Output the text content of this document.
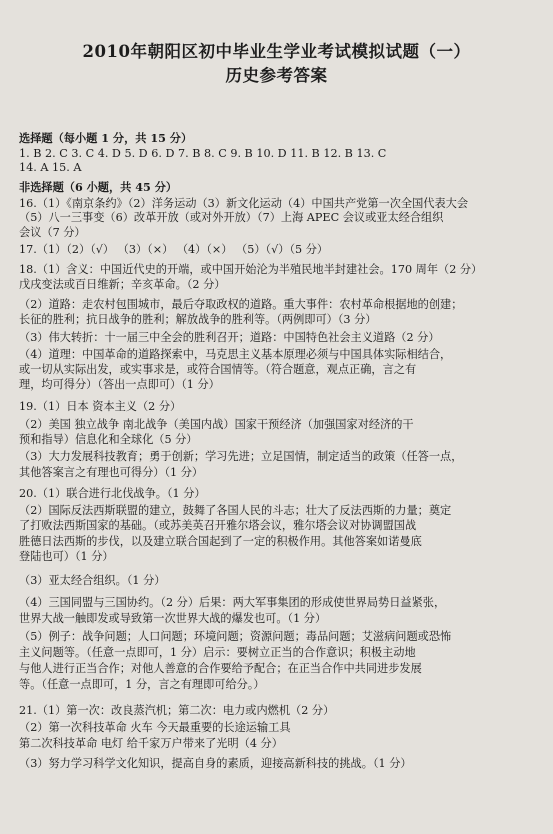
2010年朝阳区初中毕业生学业考试模拟试题（一）
历史参考答案
选择题（每小题 1 分，共 15 分）
1. B 2. C 3. C 4. D 5. D 6. D 7. B 8. C 9. B 10. D 11. B 12. B 13. C
14. A 15. A
非选择题（6 小题，共 45 分）
16.（1）《南京条约》（2）洋务运动（3）新文化运动（4）中国共产党第一次全国代表大会
（5）八一三事变（6）改革开放（或对外开放）（7）上海 APEC 会议或亚太经合组织
会议（7 分）
17.（1）（2）（√） （3）（×） （4）（×） （5）（√）（5 分）
18.（1）含义：中国近代史的开端，或中国开始沦为半殖民地半封建社会。170 周年（2 分）
戊戌变法或百日维新；辛亥革命。（2 分）
（2）道路：走农村包围城市，最后夺取政权的道路。重大事件：农村革命根据地的创建；
长征的胜利；抗日战争的胜利；解放战争的胜利等。（两例即可）（3 分）
（3）伟大转折：十一届三中全会的胜利召开；道路：中国特色社会主义道路（2 分）
（4）道理：中国革命的道路探索中，马克思主义基本原理必须与中国具体实际相结合，
或一切从实际出发，或实事求是，或符合国情等。（符合题意，观点正确，言之有
理，均可得分）（答出一点即可）（1 分）
19.（1）日本 资本主义（2 分）
（2）美国 独立战争 南北战争（美国内战）国家干预经济（加强国家对经济的干
预和指导）信息化和全球化（5 分）
（3）大力发展科技教育；勇于创新；学习先进；立足国情，制定适当的政策（任答一点，
其他答案言之有理也可得分）（1 分）
20.（1）联合进行北伐战争。（1 分）
（2）国际反法西斯联盟的建立，鼓舞了各国人民的斗志；壮大了反法西斯的力量；奠定
了打败法西斯国家的基础。（或苏美英召开雅尔塔会议，雅尔塔会议对协调盟国战
胜德日法西斯的步伐，以及建立联合国起到了一定的积极作用。其他答案如诺曼底
登陆也可）（1 分）
（3）亚太经合组织。（1 分）
（4）三国同盟与三国协约。（2 分）后果：两大军事集团的形成使世界局势日益紧张，
世界大战一触即发或导致第一次世界大战的爆发也可。（1 分）
（5）例子：战争问题；人口问题；环境问题；资源问题；毒品问题；艾滋病问题或恐怖
主义问题等。（任意一点即可，1 分）启示：要树立正当的合作意识；积极主动地
与他人进行正当合作；对他人善意的合作要给予配合；在正当合作中共同进步发展
等。（任意一点即可，1 分，言之有理即可给分。）
21.（1）第一次：改良蒸汽机；第二次：电力或内燃机（2 分）
（2）第一次科技革命 火车 今天最重要的长途运输工具
第二次科技革命 电灯 给千家万户带来了光明（4 分）
（3）努力学习科学文化知识，提高自身的素质，迎接高新科技的挑战。（1 分）
